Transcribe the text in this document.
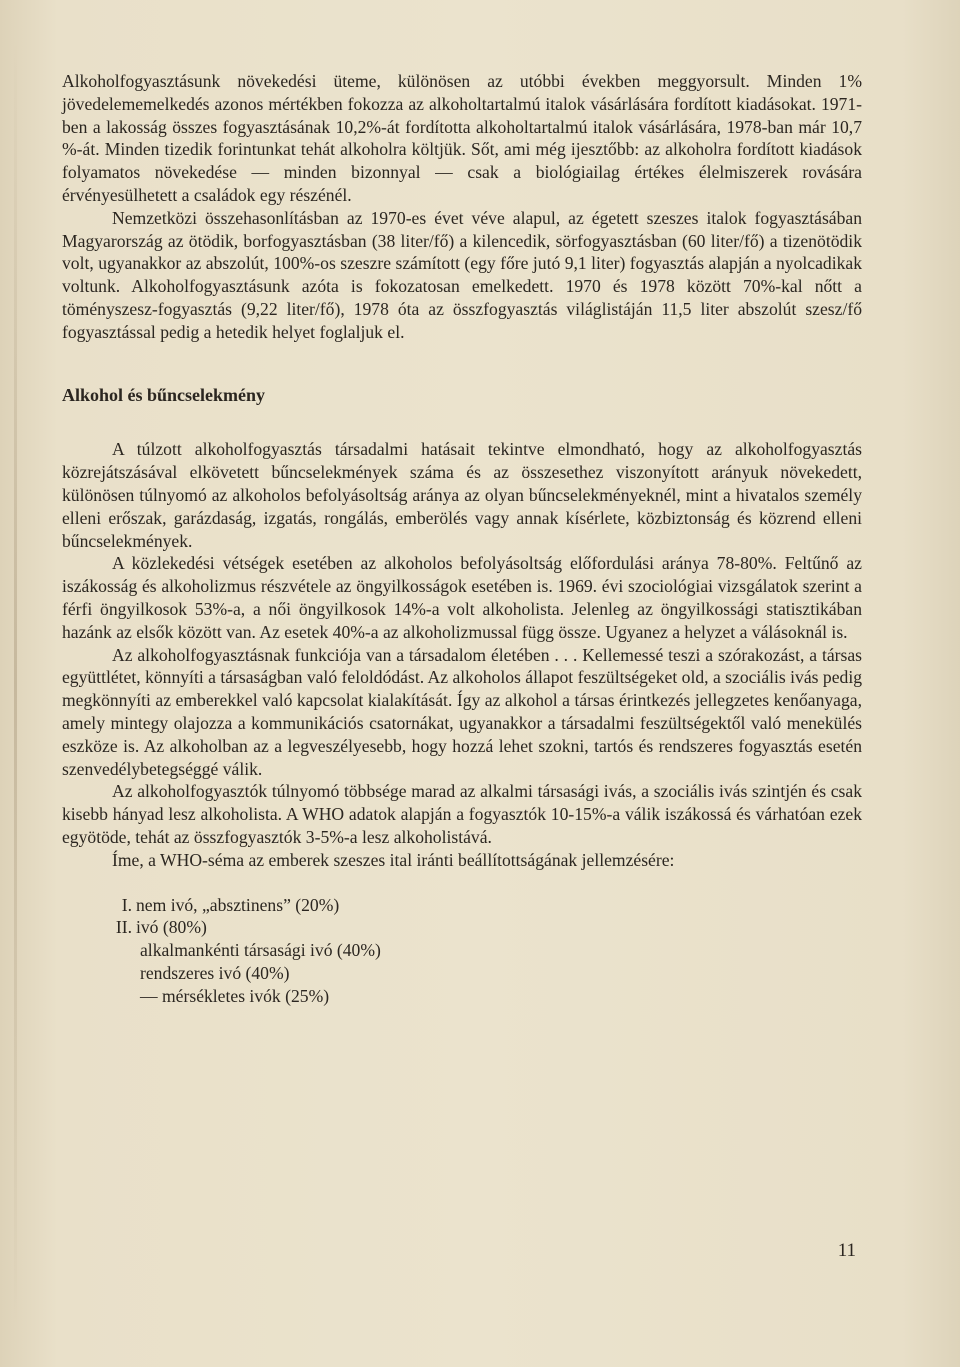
Alkoholfogyasztásunk növekedési üteme, különösen az utóbbi években meggyorsult. Minden 1% jövedelememelkedés azonos mértékben fokozza az alkoholtartalmú italok vásárlására fordított kiadásokat. 1971-ben a lakosság összes fogyasztásának 10,2%-át fordította alkoholtartalmú italok vásárlására, 1978-ban már 10,7 %-át. Minden tizedik forintunkat tehát alkoholra költjük. Sőt, ami még ijesztőbb: az alkoholra fordított kiadások folyamatos növekedése — minden bizonnyal — csak a biológiailag értékes élelmiszerek rovására érvényesülhetett a családok egy részénél.

Nemzetközi összehasonlításban az 1970-es évet véve alapul, az égetett szeszes italok fogyasztásában Magyarország az ötödik, borfogyasztásban (38 liter/fő) a kilencedik, sörfogyasztásban (60 liter/fő) a tizenötödik volt, ugyanakkor az abszolút, 100%-os szeszre számított (egy főre jutó 9,1 liter) fogyasztás alapján a nyolcadikak voltunk. Alkoholfogyasztásunk azóta is fokozatosan emelkedett. 1970 és 1978 között 70%-kal nőtt a töményszesz-fogyasztás (9,22 liter/fő), 1978 óta az összfogyasztás világlistáján 11,5 liter abszolút szesz/fő fogyasztással pedig a hetedik helyet foglaljuk el.

Alkohol és bűncselekmény

A túlzott alkoholfogyasztás társadalmi hatásait tekintve elmondható, hogy az alkoholfogyasztás közrejátszásával elkövetett bűncselekmények száma és az összesethez viszonyított arányuk növekedett, különösen túlnyomó az alkoholos befolyásoltság aránya az olyan bűncselekményeknél, mint a hivatalos személy elleni erőszak, garázdaság, izgatás, rongálás, emberölés vagy annak kísérlete, közbiztonság és közrend elleni bűncselekmények.

A közlekedési vétségek esetében az alkoholos befolyásoltság előfordulási aránya 78-80%. Feltűnő az iszákosság és alkoholizmus részvétele az öngyilkosságok esetében is. 1969. évi szociológiai vizsgálatok szerint a férfi öngyilkosok 53%-a, a női öngyilkosok 14%-a volt alkoholista. Jelenleg az öngyilkossági statisztikában hazánk az elsők között van. Az esetek 40%-a az alkoholizmussal függ össze. Ugyanez a helyzet a válásoknál is.

Az alkoholfogyasztásnak funkciója van a társadalom életében . . . Kellemessé teszi a szórakozást, a társas együttlétet, könnyíti a társaságban való feloldódást. Az alkoholos állapot feszültségeket old, a szociális ivás pedig megkönnyíti az emberekkel való kapcsolat kialakítását. Így az alkohol a társas érintkezés jellegzetes kenőanyaga, amely mintegy olajozza a kommunikációs csatornákat, ugyanakkor a társadalmi feszültségektől való menekülés eszköze is. Az alkoholban az a legveszélyesebb, hogy hozzá lehet szokni, tartós és rendszeres fogyasztás esetén szenvedélybetegséggé válik.

Az alkoholfogyasztók túlnyomó többsége marad az alkalmi társasági ivás, a szociális ivás szintjén és csak kisebb hányad lesz alkoholista. A WHO adatok alapján a fogyasztók 10-15%-a válik iszákossá és várhatóan ezek egyötöde, tehát az összfogyasztók 3-5%-a lesz alkoholistává.

Íme, a WHO-séma az emberek szeszes ital iránti beállítottságának jellemzésére:

I. nem ivó, „absztinens” (20%)
II. ivó (80%)
alkalmankénti társasági ivó (40%)
rendszeres ivó (40%)
— mérsékletes ivók (25%)
11
